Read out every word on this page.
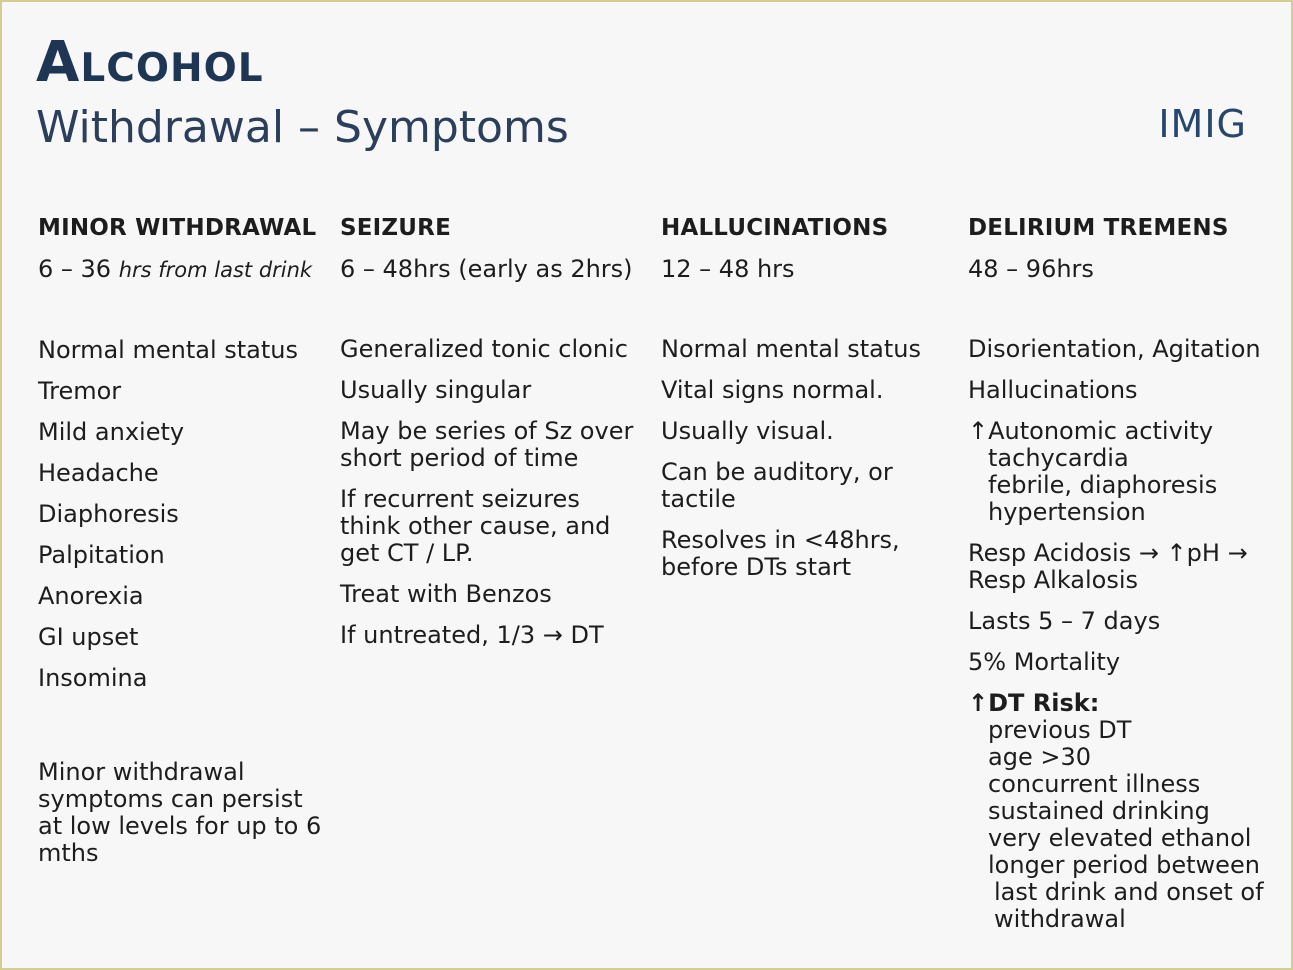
Alcohol
Withdrawal – Symptoms	IMIG
MINOR WITHDRAWAL
6 – 36 hrs from last drink
Normal mental status
Tremor
Mild anxiety
Headache
Diaphoresis
Palpitation
Anorexia
GI upset
Insomina
SEIZURE
6 – 48hrs (early as 2hrs)
Generalized tonic clonic
Usually singular
May be series of Sz over
short period of time
If recurrent seizures
think other cause, and
get CT / LP.
Treat with Benzos
If untreated, 1/3 → DT
HALLUCINATIONS
12 – 48 hrs
Normal mental status
Vital signs normal.
Usually visual.
Can be auditory, or
tactile
Resolves in <48hrs,
before DTs start
DELIRIUM TREMENS
48 – 96hrs
Disorientation, Agitation
Hallucinations
↑Autonomic activity
tachycardia
febrile, diaphoresis
hypertension
Resp Acidosis → ↑pH →
Resp Alkalosis
Lasts 5 – 7 days
5% Mortality
↑DT Risk:
previous DT
age >30
concurrent illness
sustained drinking
very elevated ethanol
longer period between
last drink and onset of
withdrawal
Minor withdrawal
symptoms can persist
at low levels for up to 6
mths
